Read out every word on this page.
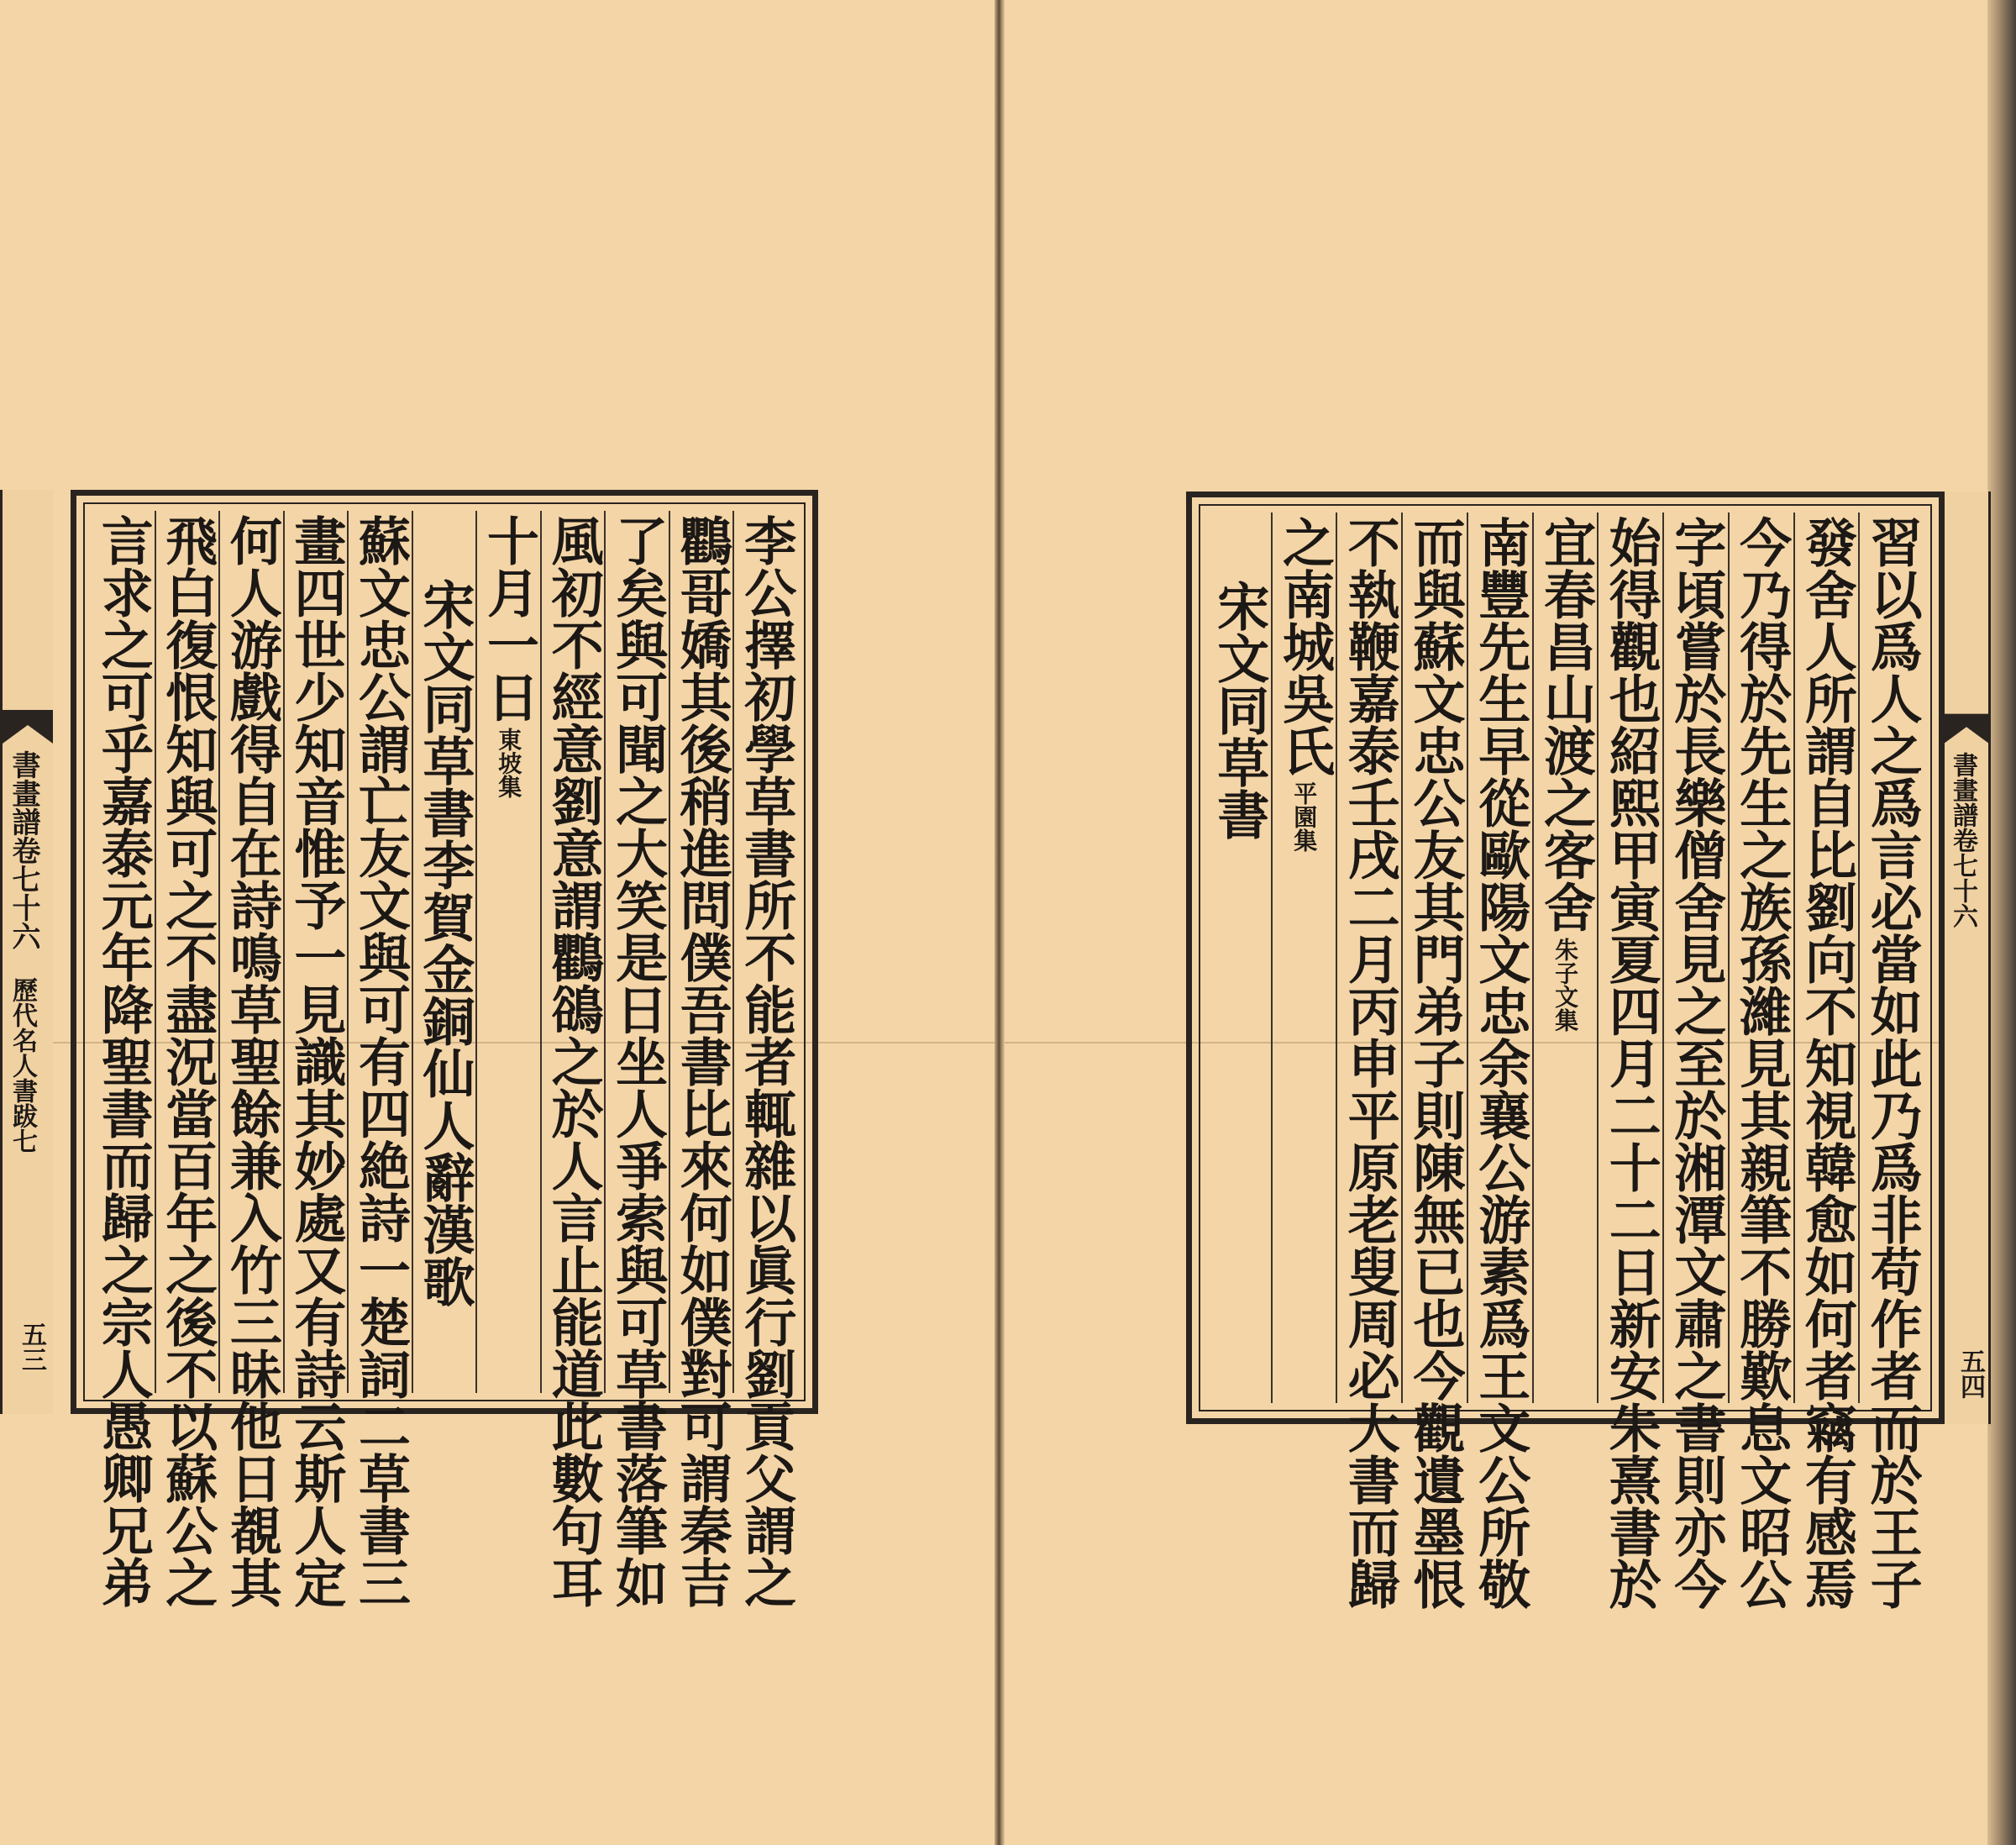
書畫譜卷七十六
歷代名人書跋七
五三	李公擇初學草書所不能者輒雜以眞行劉貢父謂之
鸜哥嬌其後稍進問僕吾書比來何如僕對可謂秦吉
了矣與可聞之大笑是日坐人爭索與可草書落筆如
風初不經意劉意謂鸜鵒之於人言止能道此數句耳
十月一日
東坡集
宋文同草書李賀金銅仙人辭漢歌
蘇文忠公謂亡友文與可有四絶詩一楚詞二草書三
畫四世少知音惟予一見識其妙處又有詩云斯人定
何人游戲得自在詩鳴草聖餘兼入竹三昧他日覩其
飛白復恨知與可之不盡況當百年之後不以蘇公之
言求之可乎嘉泰元年降聖書而歸之宗人愚卿兄弟	習以爲人之爲言必當如此乃爲非苟作者而於王子
發舍人所謂自比劉向不知視韓愈如何者竊有感焉
今乃得於先生之族孫濰見其親筆不勝歎息文昭公
字頃嘗於長樂僧舍見之至於湘潭文肅之書則亦今
始得觀也紹熙甲寅夏四月二十二日新安朱熹書於
宜春昌山渡之客舍
朱子文集
南豐先生早從歐陽文忠余襄公游素爲王文公所敬
而與蘇文忠公友其門弟子則陳無已也今觀遺墨恨
不執鞭嘉泰壬戌二月丙申平原老叟周必大書而歸
之南城吳氏
平園集
宋文同草書	書畫譜卷七十六
五四
